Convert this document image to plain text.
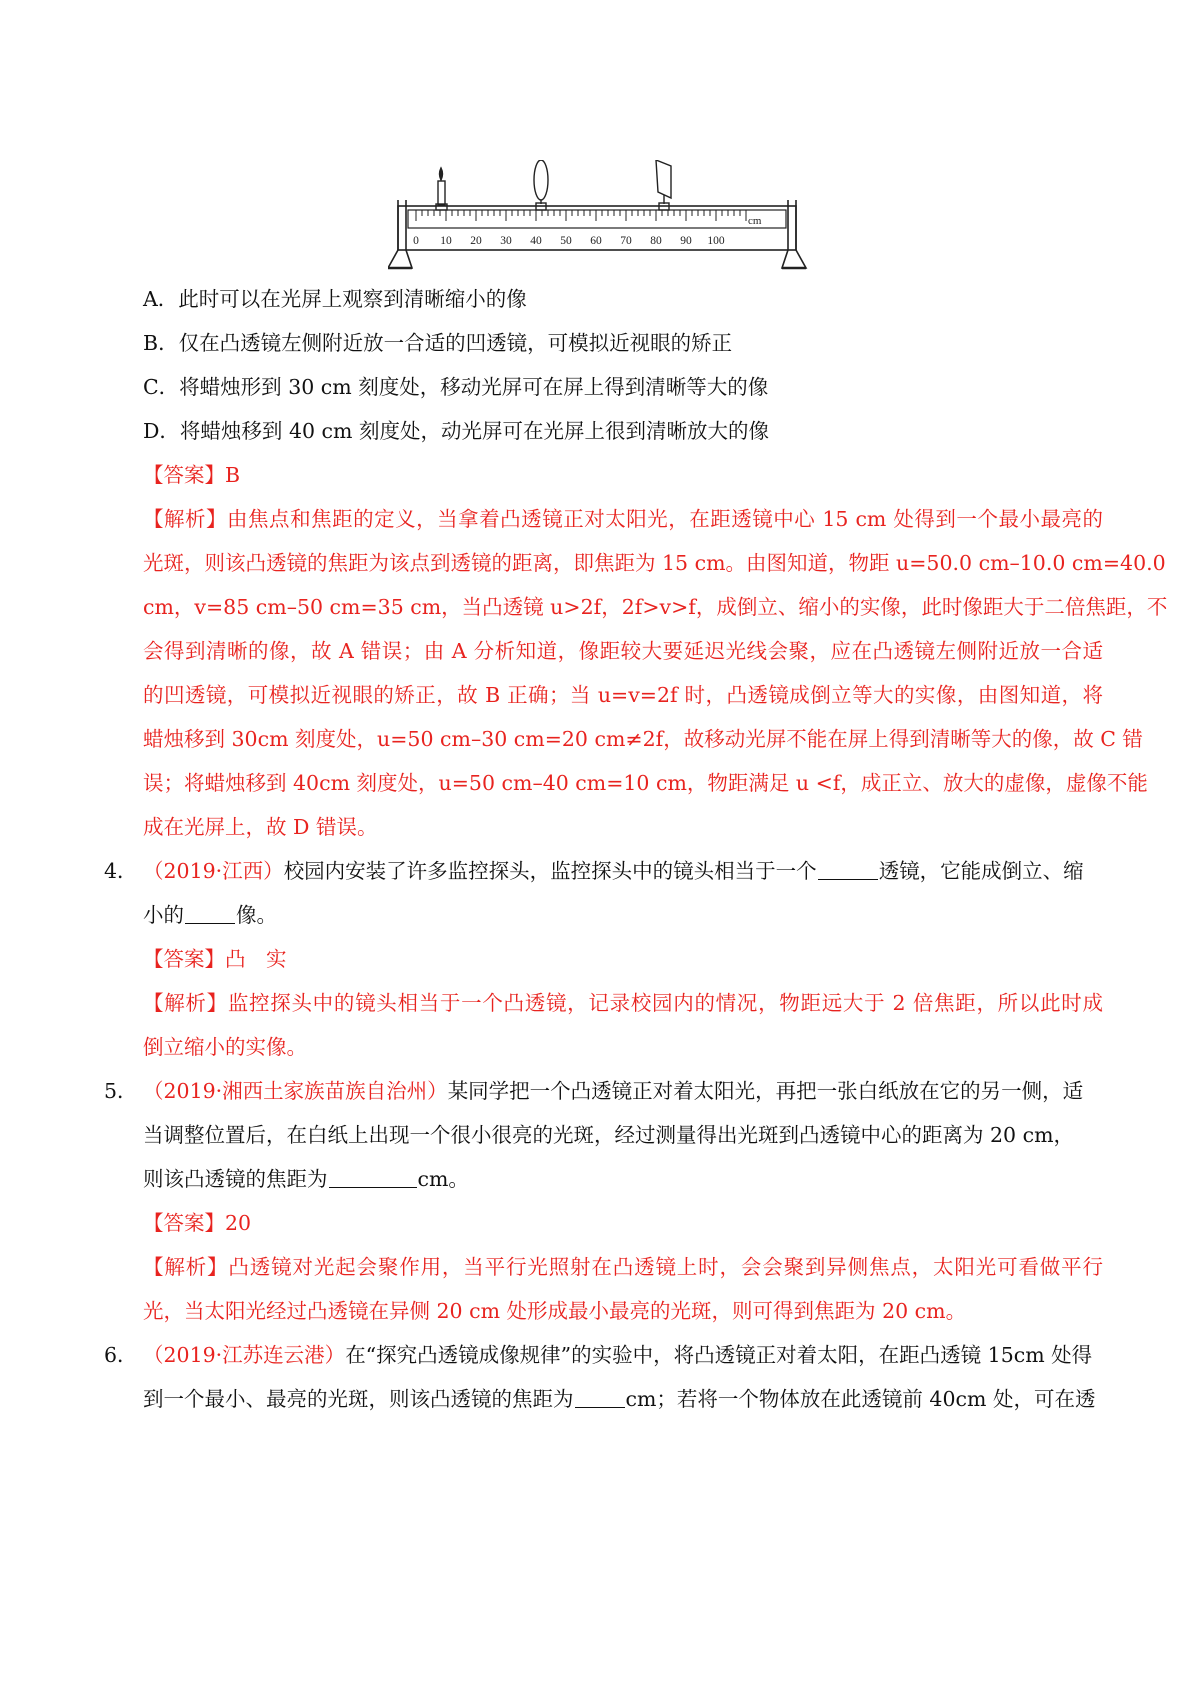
0 10 20 30 40 50 60 70 80 90 100
cm
A．此时可以在光屏上观察到清晰缩小的像
B．仅在凸透镜左侧附近放一合适的凹透镜，可模拟近视眼的矫正
C．将蜡烛形到 30 cm 刻度处，移动光屏可在屏上得到清晰等大的像
D．将蜡烛移到 40 cm 刻度处，动光屏可在光屏上很到清晰放大的像
【答案】B
【解析】由焦点和焦距的定义，当拿着凸透镜正对太阳光，在距透镜中心 15 cm 处得到一个最小最亮的
光斑，则该凸透镜的焦距为该点到透镜的距离，即焦距为 15 cm。由图知道，物距 u=50.0 cm–10.0 cm=40.0
cm，v=85 cm–50 cm=35 cm，当凸透镜 u>2f，2f>v>f，成倒立、缩小的实像，此时像距大于二倍焦距，不
会得到清晰的像，故 A 错误；由 A 分析知道，像距较大要延迟光线会聚，应在凸透镜左侧附近放一合适
的凹透镜，可模拟近视眼的矫正，故 B 正确；当 u=v=2f 时，凸透镜成倒立等大的实像，由图知道，将
蜡烛移到 30cm 刻度处，u=50 cm–30 cm=20 cm≠2f，故移动光屏不能在屏上得到清晰等大的像，故 C 错
误；将蜡烛移到 40cm 刻度处，u=50 cm–40 cm=10 cm，物距满足 u <f，成正立、放大的虚像，虚像不能
成在光屏上，故 D 错误。
4． （2019·江西）校园内安装了许多监控探头，监控探头中的镜头相当于一个	透镜，它能成倒立、缩
小的	像。
【答案】凸　实
【解析】监控探头中的镜头相当于一个凸透镜，记录校园内的情况，物距远大于 2 倍焦距，所以此时成
倒立缩小的实像。
5． （2019·湘西土家族苗族自治州）某同学把一个凸透镜正对着太阳光，再把一张白纸放在它的另一侧，适
当调整位置后，在白纸上出现一个很小很亮的光斑，经过测量得出光斑到凸透镜中心的距离为 20 cm，
则该凸透镜的焦距为	cm。
【答案】20
【解析】凸透镜对光起会聚作用，当平行光照射在凸透镜上时，会会聚到异侧焦点，太阳光可看做平行
光，当太阳光经过凸透镜在异侧 20 cm 处形成最小最亮的光斑，则可得到焦距为 20 cm。
6． （2019·江苏连云港）在“探究凸透镜成像规律”的实验中，将凸透镜正对着太阳，在距凸透镜 15cm 处得
到一个最小、最亮的光斑，则该凸透镜的焦距为	cm；若将一个物体放在此透镜前 40cm 处，可在透
